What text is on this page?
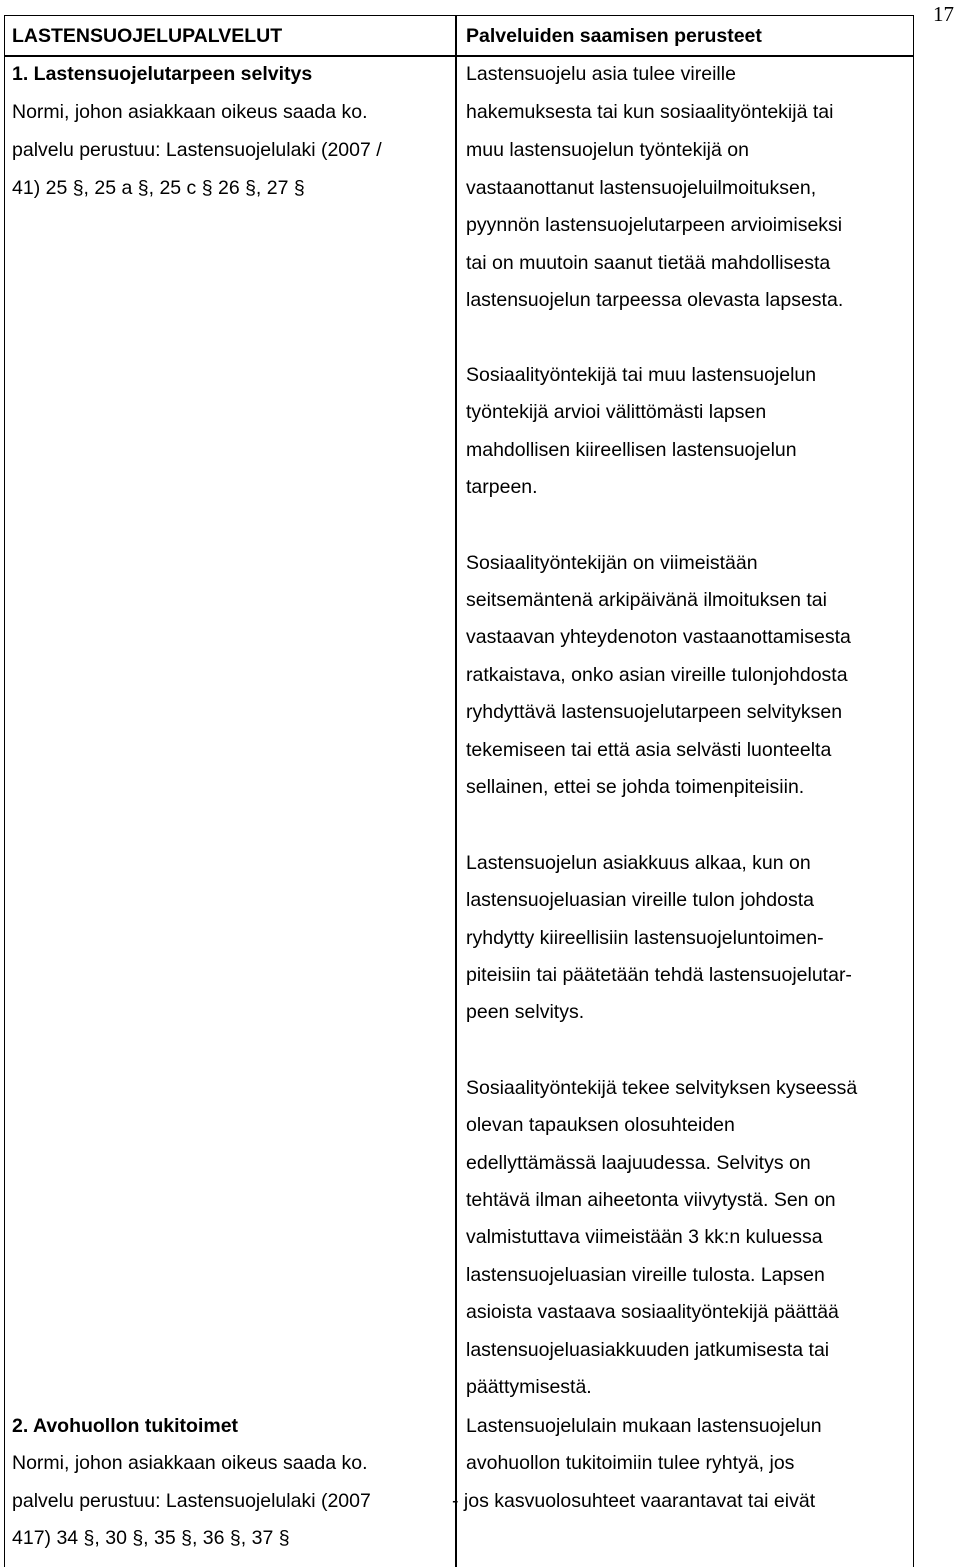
17
LASTENSUOJELUPALVELUT	Palveluiden saamisen perusteet
1. Lastensuojelutarpeen selvitys
Normi, johon asiakkaan oikeus saada ko.
palvelu perustuu: Lastensuojelulaki (2007 /
41) 25 §, 25 a §, 25 c § 26 §, 27 §
Lastensuojelu asia tulee vireille
hakemuksesta tai kun sosiaalityöntekijä tai
muu lastensuojelun työntekijä on
vastaanottanut lastensuojeluilmoituksen,
pyynnön lastensuojelutarpeen arvioimiseksi
tai on muutoin saanut tietää mahdollisesta
lastensuojelun tarpeessa olevasta lapsesta.
Sosiaalityöntekijä tai muu lastensuojelun
työntekijä arvioi välittömästi lapsen
mahdollisen kiireellisen lastensuojelun
tarpeen.
Sosiaalityöntekijän on viimeistään
seitsemäntenä arkipäivänä ilmoituksen tai
vastaavan yhteydenoton vastaanottamisesta
ratkaistava, onko asian vireille tulonjohdosta
ryhdyttävä lastensuojelutarpeen selvityksen
tekemiseen tai että asia selvästi luonteelta
sellainen, ettei se johda toimenpiteisiin.
Lastensuojelun asiakkuus alkaa, kun on
lastensuojeluasian vireille tulon johdosta
ryhdytty kiireellisiin lastensuojeluntoimen-
piteisiin tai päätetään tehdä lastensuojelutar-
peen selvitys.
Sosiaalityöntekijä tekee selvityksen kyseessä
olevan tapauksen olosuhteiden
edellyttämässä laajuudessa. Selvitys on
tehtävä ilman aiheetonta viivytystä. Sen on
valmistuttava viimeistään 3 kk:n kuluessa
lastensuojeluasian vireille tulosta. Lapsen
asioista vastaava sosiaalityöntekijä päättää
lastensuojeluasiakkuuden jatkumisesta tai
päättymisestä.
2. Avohuollon tukitoimet
Normi, johon asiakkaan oikeus saada ko.
palvelu perustuu: Lastensuojelulaki (2007
417) 34 §, 30 §, 35 §, 36 §, 37 §
Lastensuojelulain mukaan lastensuojelun
avohuollon tukitoimiin tulee ryhtyä, jos
- jos kasvuolosuhteet vaarantavat tai eivät
